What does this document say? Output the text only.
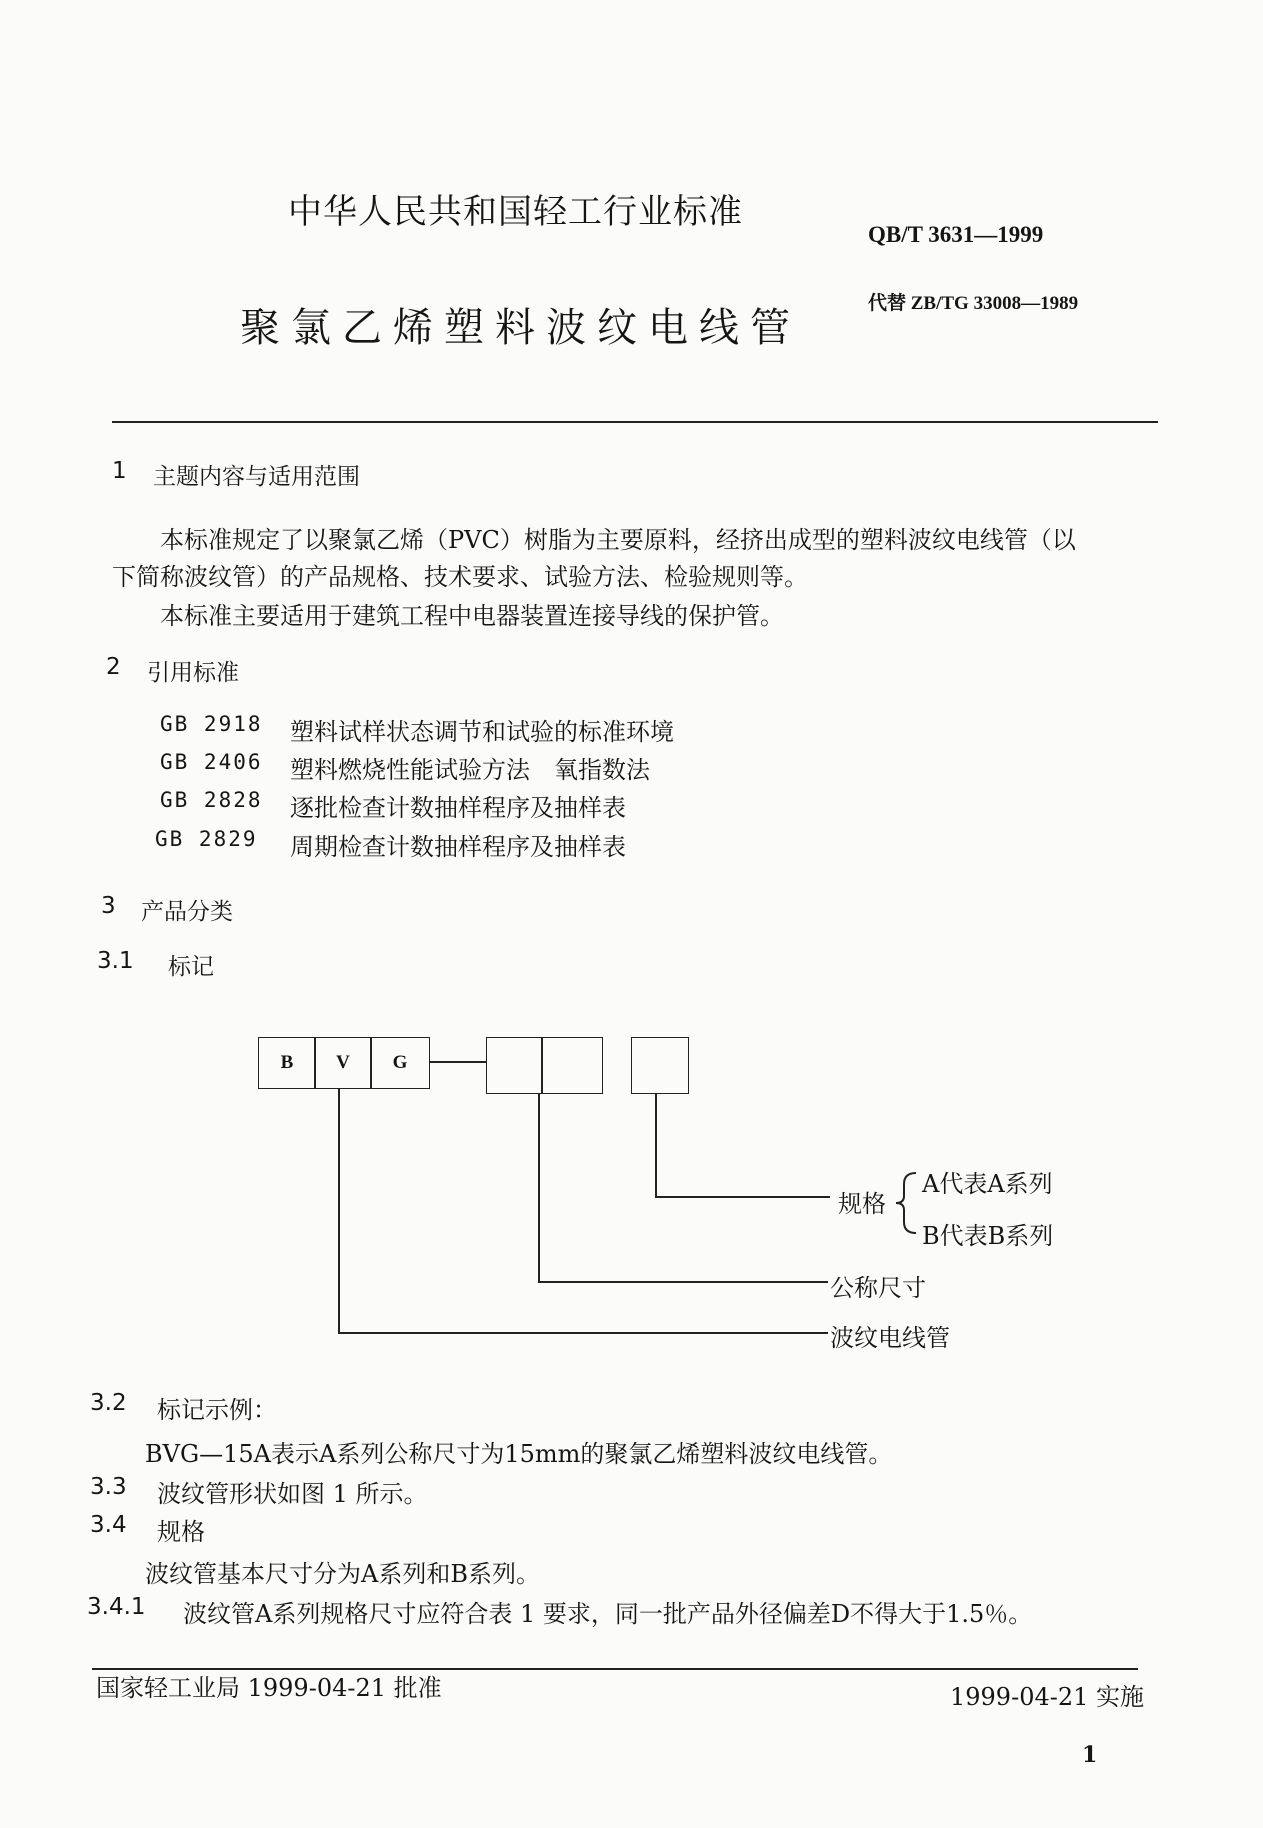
中华人民共和国轻工行业标准
QB/T 3631—1999
代替 ZB/TG 33008—1989
聚氯乙烯塑料波纹电线管
1 主题内容与适用范围
本标准规定了以聚氯乙烯（PVC）树脂为主要原料，经挤出成型的塑料波纹电线管（以
下简称波纹管）的产品规格、技术要求、试验方法、检验规则等。
本标准主要适用于建筑工程中电器装置连接导线的保护管。
2 引用标准
GB 2918 塑料试样状态调节和试验的标准环境
GB 2406 塑料燃烧性能试验方法　氧指数法
GB 2828 逐批检查计数抽样程序及抽样表
GB 2829 周期检查计数抽样程序及抽样表
3 产品分类
3.1 标记
B	V	G
规格
A代表A系列
B代表B系列
公称尺寸
波纹电线管
3.2 标记示例：
BVG—15A表示A系列公称尺寸为15mm的聚氯乙烯塑料波纹电线管。
3.3 波纹管形状如图 1 所示。
3.4 规格
波纹管基本尺寸分为A系列和B系列。
3.4.1 波纹管A系列规格尺寸应符合表 1 要求，同一批产品外径偏差D不得大于1.5％。
国家轻工业局 1999-04-21 批准	1999-04-21 实施
1
